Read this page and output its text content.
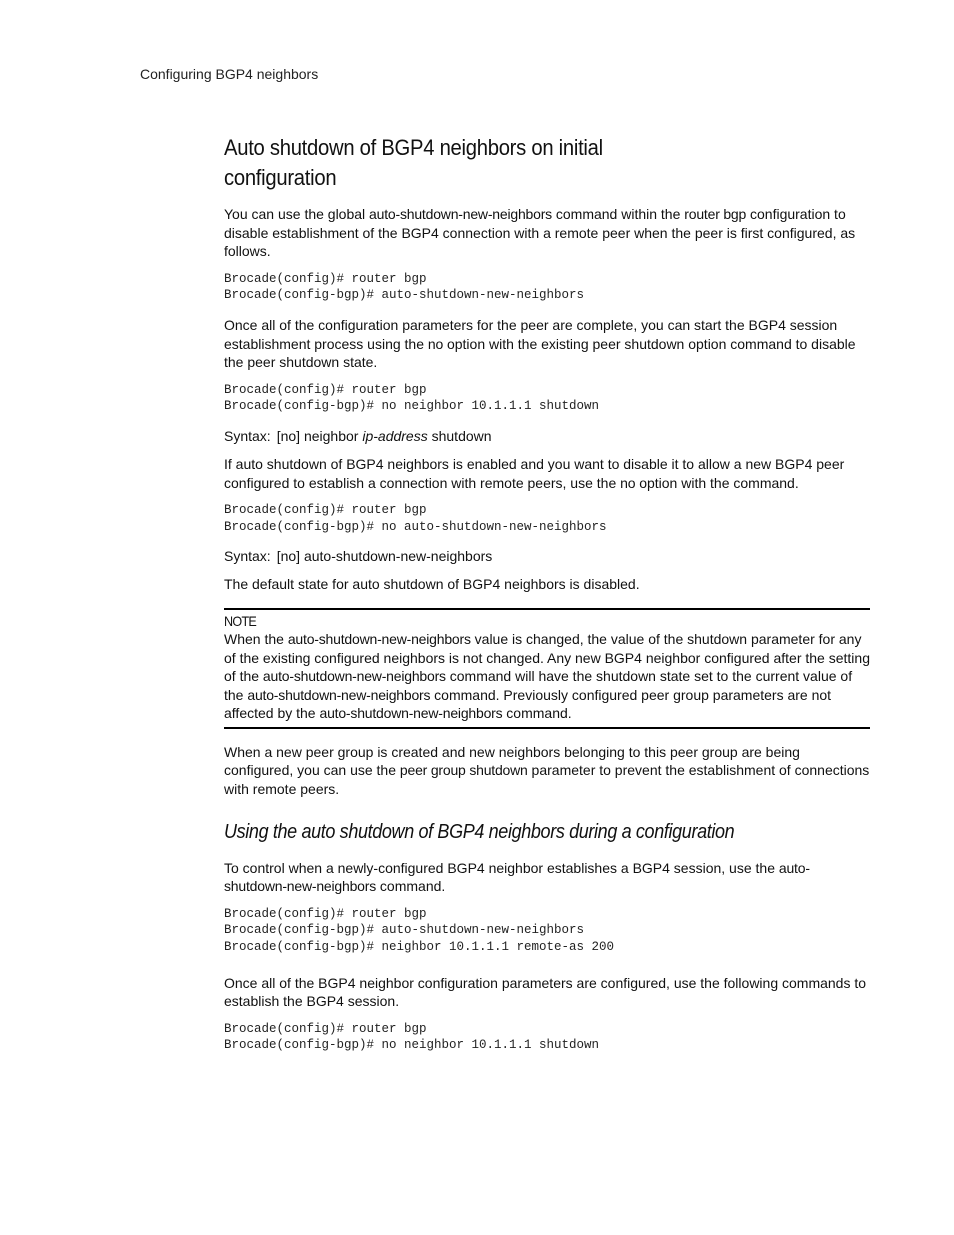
Configuring BGP4 neighbors
Auto shutdown of BGP4 neighbors on initial configuration

You can use the global auto-shutdown-new-neighbors command within the router bgp configuration to disable establishment of the BGP4 connection with a remote peer when the peer is first configured, as follows.

Brocade(config)# router bgp
Brocade(config-bgp)# auto-shutdown-new-neighbors

Once all of the configuration parameters for the peer are complete, you can start the BGP4 session establishment process using the no option with the existing peer shutdown option command to disable the peer shutdown state.

Brocade(config)# router bgp
Brocade(config-bgp)# no neighbor 10.1.1.1 shutdown
Syntax: [no] neighbor ip-address shutdown

If auto shutdown of BGP4 neighbors is enabled and you want to disable it to allow a new BGP4 peer configured to establish a connection with remote peers, use the no option with the command.

Brocade(config)# router bgp
Brocade(config-bgp)# no auto-shutdown-new-neighbors
Syntax: [no] auto-shutdown-new-neighbors

The default state for auto shutdown of BGP4 neighbors is disabled.

NOTE

When the auto-shutdown-new-neighbors value is changed, the value of the shutdown parameter for any of the existing configured neighbors is not changed. Any new BGP4 neighbor configured after the setting of the auto-shutdown-new-neighbors command will have the shutdown state set to the current value of the auto-shutdown-new-neighbors command. Previously configured peer group parameters are not affected by the auto-shutdown-new-neighbors command.

When a new peer group is created and new neighbors belonging to this peer group are being configured, you can use the peer group shutdown parameter to prevent the establishment of connections with remote peers.

Using the auto shutdown of BGP4 neighbors during a configuration

To control when a newly-configured BGP4 neighbor establishes a BGP4 session, use the auto-shutdown-new-neighbors command.

Brocade(config)# router bgp
Brocade(config-bgp)# auto-shutdown-new-neighbors
Brocade(config-bgp)# neighbor 10.1.1.1 remote-as 200

Once all of the BGP4 neighbor configuration parameters are configured, use the following commands to establish the BGP4 session.

Brocade(config)# router bgp
Brocade(config-bgp)# no neighbor 10.1.1.1 shutdown
